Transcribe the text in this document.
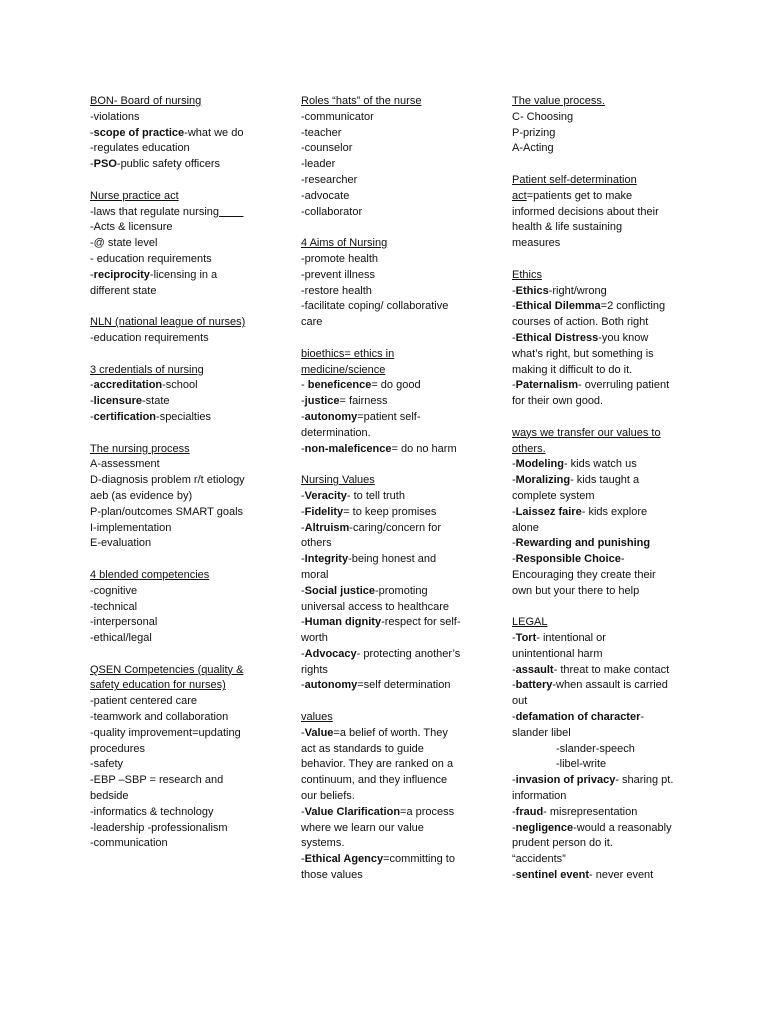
BON- Board of nursing
-violations
-scope of practice-what we do
-regulates education
-PSO-public safety officers
Nurse practice act
-laws that regulate nursing
-Acts & licensure
-@ state level
- education requirements
-reciprocity-licensing in a
different state
NLN (national league of nurses)
-education requirements
3 credentials of nursing
-accreditation-school
-licensure-state
-certification-specialties
The nursing process
A-assessment
D-diagnosis problem r/t etiology
aeb (as evidence by)
P-plan/outcomes SMART goals
I-implementation
E-evaluation
4 blended competencies
-cognitive
-technical
-interpersonal
-ethical/legal
QSEN Competencies (quality &
safety education for nurses)
-patient centered care
-teamwork and collaboration
-quality improvement=updating
procedures
-safety
-EBP –SBP = research and
bedside
-informatics & technology
-leadership -professionalism
-communication
Roles “hats” of the nurse
-communicator
-teacher
-counselor
-leader
-researcher
-advocate
-collaborator
4 Aims of Nursing
-promote health
-prevent illness
-restore health
-facilitate coping/ collaborative
care
bioethics= ethics in
medicine/science
- beneficence= do good
-justice= fairness
-autonomy=patient self-
determination.
-non-maleficence= do no harm
Nursing Values
-Veracity- to tell truth
-Fidelity= to keep promises
-Altruism-caring/concern for
others
-Integrity-being honest and
moral
-Social justice-promoting
universal access to healthcare
-Human dignity-respect for self-
worth
-Advocacy- protecting another’s
rights
-autonomy=self determination
values
-Value=a belief of worth. They
act as standards to guide
behavior. They are ranked on a
continuum, and they influence
our beliefs.
-Value Clarification=a process
where we learn our value
systems.
-Ethical Agency=committing to
those values
The value process.
C- Choosing
P-prizing
A-Acting
Patient self-determination
act=patients get to make
informed decisions about their
health & life sustaining
measures
Ethics
-Ethics-right/wrong
-Ethical Dilemma=2 conflicting
courses of action. Both right
-Ethical Distress-you know
what’s right, but something is
making it difficult to do it.
-Paternalism- overruling patient
for their own good.
ways we transfer our values to
others.
-Modeling- kids watch us
-Moralizing- kids taught a
complete system
-Laissez faire- kids explore
alone
-Rewarding and punishing
-Responsible Choice-
Encouraging they create their
own but your there to help
LEGAL
-Tort- intentional or
unintentional harm
-assault- threat to make contact
-battery-when assault is carried
out
-defamation of character-
slander libel
-slander-speech
-libel-write
-invasion of privacy- sharing pt.
information
-fraud- misrepresentation
-negligence-would a reasonably
prudent person do it.
“accidents”
-sentinel event- never event
